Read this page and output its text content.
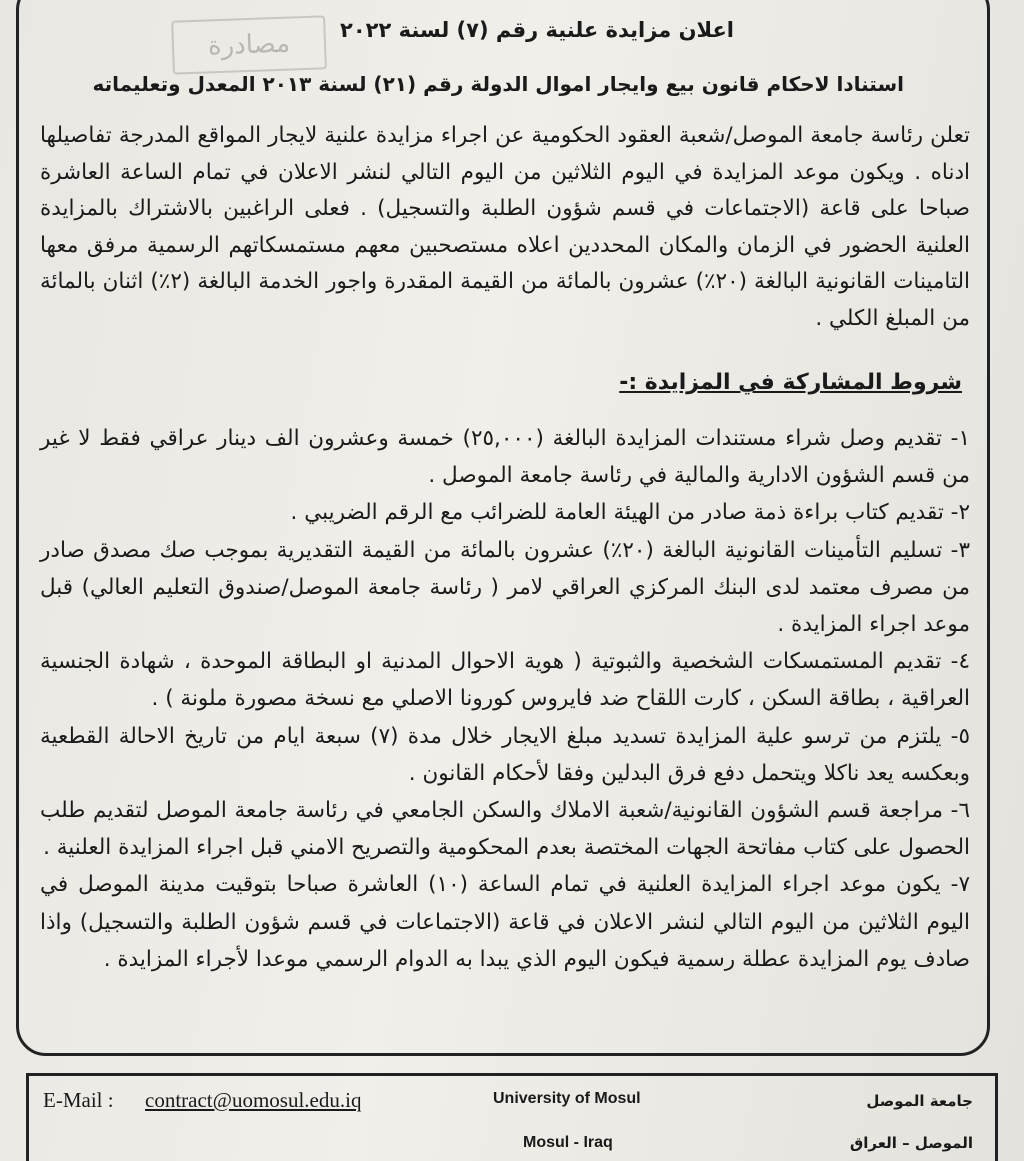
مصادرة	اعلان مزايدة علنية رقم (٧) لسنة ٢٠٢٢
استنادا لاحكام قانون بيع وايجار اموال الدولة رقم (٢١) لسنة ٢٠١٣ المعدل وتعليماته

تعلن رئاسة جامعة الموصل/شعبة العقود الحكومية عن اجراء مزايدة علنية لايجار المواقع المدرجة تفاصيلها ادناه . ويكون موعد المزايدة في اليوم الثلاثين من اليوم التالي لنشر الاعلان في تمام الساعة العاشرة صباحا على قاعة (الاجتماعات في قسم شؤون الطلبة والتسجيل) . فعلى الراغبين بالاشتراك بالمزايدة العلنية الحضور في الزمان والمكان المحددين اعلاه مستصحبين معهم مستمسكاتهم الرسمية مرفق معها التامينات القانونية البالغة (٢٠٪) عشرون بالمائة من القيمة المقدرة واجور الخدمة البالغة (٢٪) اثنان بالمائة من المبلغ الكلي .

شروط المشاركة في المزايدة :-
١- تقديم وصل شراء مستندات المزايدة البالغة (٢٥,٠٠٠) خمسة وعشرون الف دينار عراقي فقط لا غير من قسم الشؤون الادارية والمالية في رئاسة جامعة الموصل .
٢- تقديم كتاب براءة ذمة صادر من الهيئة العامة للضرائب مع الرقم الضريبي .
٣- تسليم التأمينات القانونية البالغة (٢٠٪) عشرون بالمائة من القيمة التقديرية بموجب صك مصدق صادر من مصرف معتمد لدى البنك المركزي العراقي لامر ( رئاسة جامعة الموصل/صندوق التعليم العالي) قبل موعد اجراء المزايدة .
٤- تقديم المستمسكات الشخصية والثبوتية ( هوية الاحوال المدنية او البطاقة الموحدة ، شهادة الجنسية العراقية ، بطاقة السكن ، كارت اللقاح ضد فايروس كورونا الاصلي مع نسخة مصورة ملونة ) .
٥- يلتزم من ترسو علية المزايدة تسديد مبلغ الايجار خلال مدة (٧) سبعة ايام من تاريخ الاحالة القطعية وبعكسه يعد ناكلا ويتحمل دفع فرق البدلين وفقا لأحكام القانون .
٦- مراجعة قسم الشؤون القانونية/شعبة الاملاك والسكن الجامعي في رئاسة جامعة الموصل لتقديم طلب الحصول على كتاب مفاتحة الجهات المختصة بعدم المحكومية والتصريح الامني قبل اجراء المزايدة العلنية .
٧- يكون موعد اجراء المزايدة العلنية في تمام الساعة (١٠) العاشرة صباحا بتوقيت مدينة الموصل في اليوم الثلاثين من اليوم التالي لنشر الاعلان في قاعة (الاجتماعات في قسم شؤون الطلبة والتسجيل) واذا صادف يوم المزايدة عطلة رسمية فيكون اليوم الذي يبدا به الدوام الرسمي موعدا لأجراء المزايدة .
E-Mail : contract@uomosul.edu.iq	University of Mosul
Mosul - Iraq
جامعة الموصل
الموصل – العراق
